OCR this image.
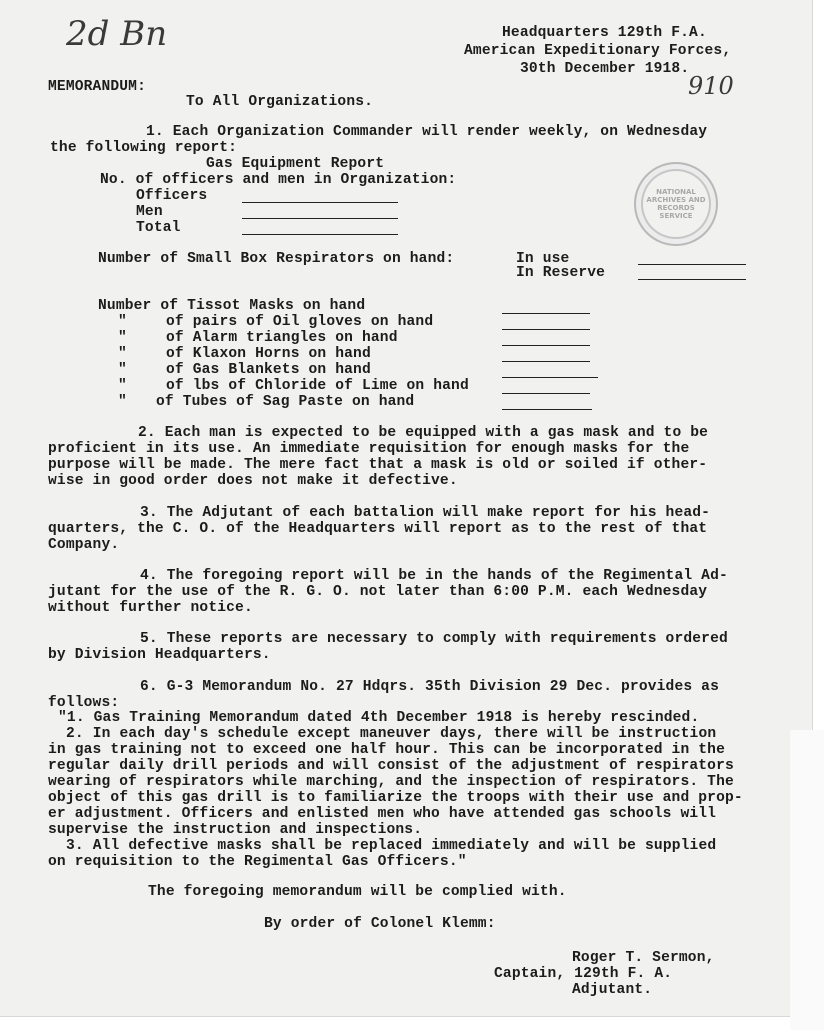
2d Bn
910
Headquarters 129th F.A.
American Expeditionary Forces,
30th December 1918.
MEMORANDUM:
To All Organizations.
1. Each Organization Commander will render weekly, on Wednesday
the following report:
Gas Equipment Report
No. of officers and men in Organization:
Officers
Men
Total
NATIONAL
ARCHIVES AND
RECORDS
SERVICE
Number of Small Box Respirators on hand:	In use
In Reserve
Number of Tissot Masks on hand
"	of pairs of Oil gloves on hand
"	of Alarm triangles on hand
"	of Klaxon Horns on hand
"	of Gas Blankets on hand
"	of lbs of Chloride of Lime on hand
" of Tubes of Sag Paste on hand
2. Each man is expected to be equipped with a gas mask and to be
proficient in its use. An immediate requisition for enough masks for the
purpose will be made. The mere fact that a mask is old or soiled if other-
wise in good order does not make it defective.
3. The Adjutant of each battalion will make report for his head-
quarters, the C. O. of the Headquarters will report as to the rest of that
Company.
4. The foregoing report will be in the hands of the Regimental Ad-
jutant for the use of the R. G. O. not later than 6:00 P.M. each Wednesday
without further notice.
5. These reports are necessary to comply with requirements ordered
by Division Headquarters.
6. G-3 Memorandum No. 27 Hdqrs. 35th Division 29 Dec. provides as
follows:
"1. Gas Training Memorandum dated 4th December 1918 is hereby rescinded.
2. In each day's schedule except maneuver days, there will be instruction
in gas training not to exceed one half hour. This can be incorporated in the
regular daily drill periods and will consist of the adjustment of respirators
wearing of respirators while marching, and the inspection of respirators. The
object of this gas drill is to familiarize the troops with their use and prop-
er adjustment. Officers and enlisted men who have attended gas schools will
supervise the instruction and inspections.
3. All defective masks shall be replaced immediately and will be supplied
on requisition to the Regimental Gas Officers."
The foregoing memorandum will be complied with.
By order of Colonel Klemm:
Roger T. Sermon,
Captain, 129th F. A.
Adjutant.
